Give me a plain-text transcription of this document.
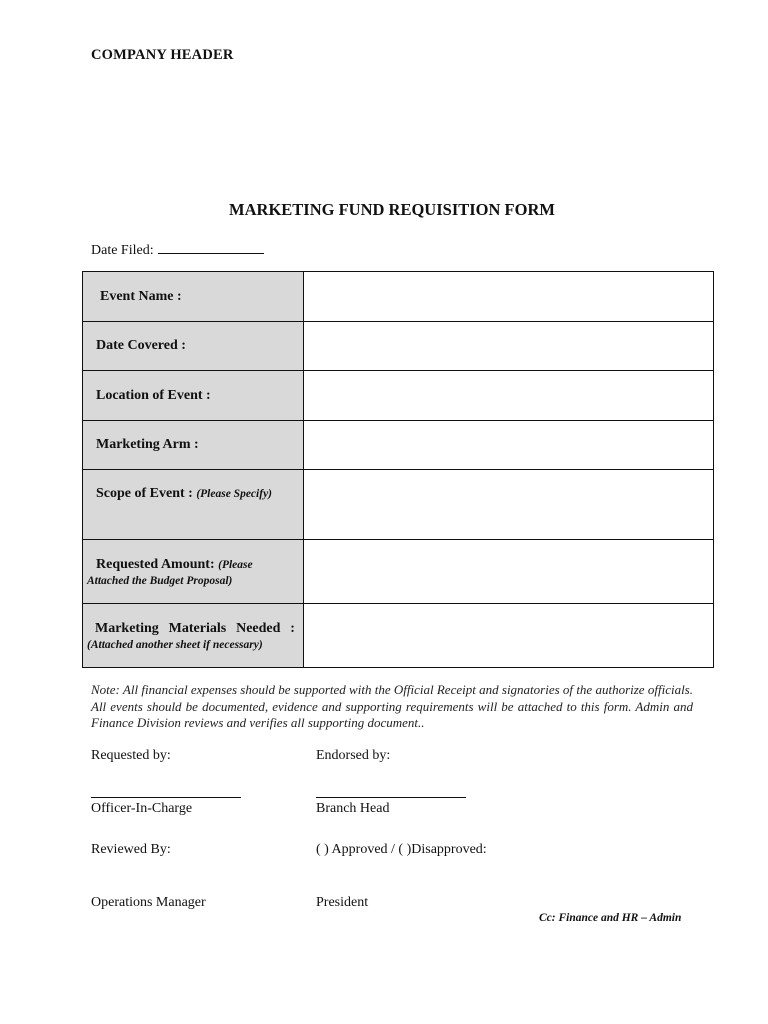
COMPANY HEADER
MARKETING FUND REQUISITION FORM
Date Filed:
Event Name :	

Date Covered :	

Location of Event :	

Marketing Arm :	

Scope of Event : (Please Specify)	

Requested Amount: (Please
Attached the Budget Proposal)	

Marketing Materials Needed :
(Attached another sheet if necessary)	

Note: All financial expenses should be supported with the Official Receipt and signatories of the authorize officials. All events should be documented, evidence and supporting requirements will be attached to this form. Admin and Finance Division reviews and verifies all supporting document..
Requested by:	Endorsed by:
Officer-In-Charge	Branch Head
Reviewed By:	( ) Approved / ( )Disapproved:
Operations Manager	President
Cc: Finance and HR – Admin
